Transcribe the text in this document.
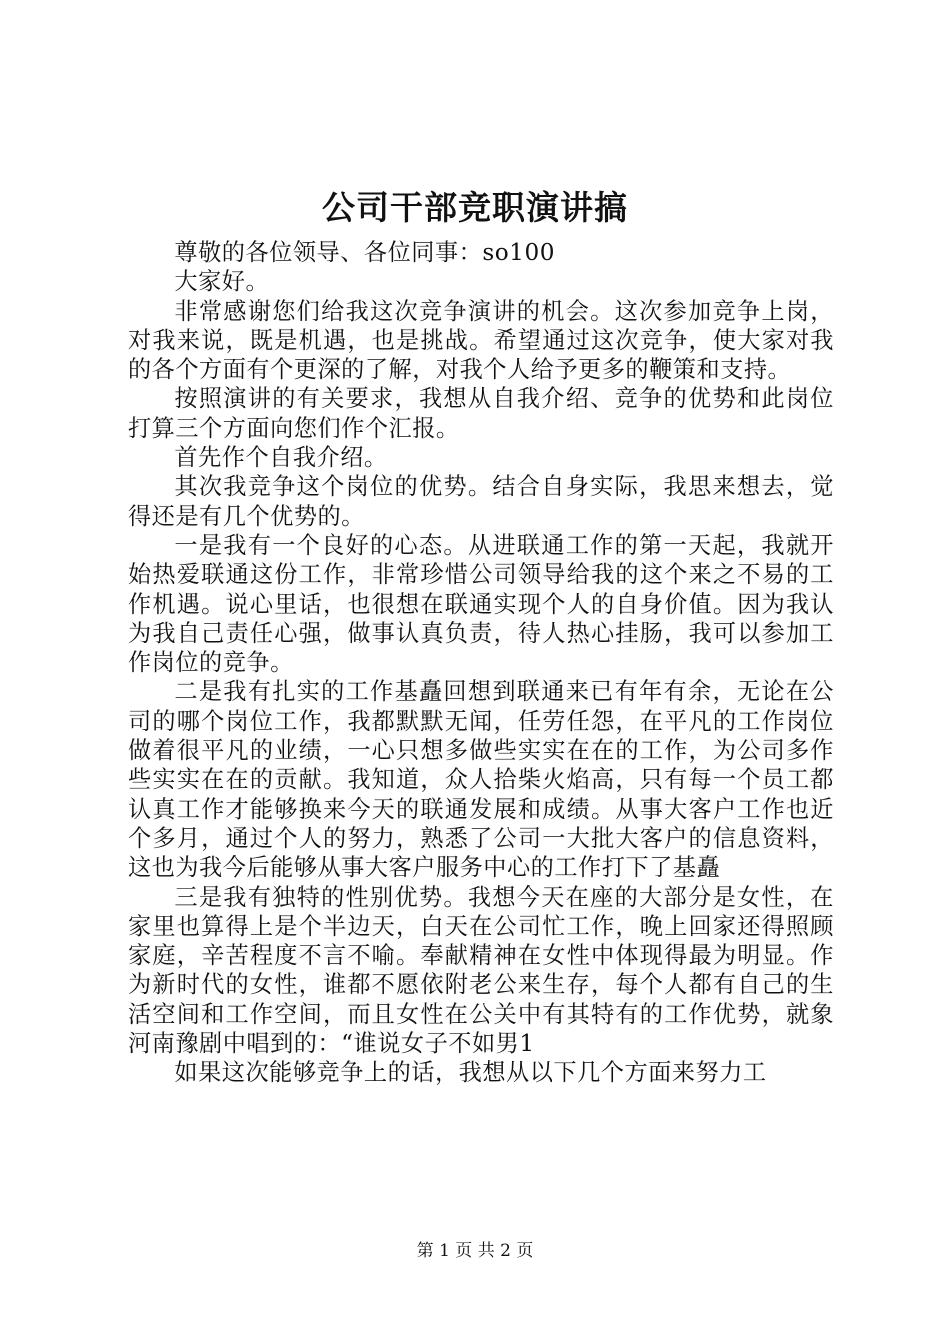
公司干部竞职演讲搞

尊敬的各位领导、各位同事：so100

大家好。

非常感谢您们给我这次竞争演讲的机会。这次参加竞争上岗，对我来说，既是机遇，也是挑战。希望通过这次竞争，使大家对我的各个方面有个更深的了解，对我个人给予更多的鞭策和支持。

按照演讲的有关要求，我想从自我介绍、竞争的优势和此岗位打算三个方面向您们作个汇报。

首先作个自我介绍。

其次我竞争这个岗位的优势。结合自身实际，我思来想去，觉得还是有几个优势的。

一是我有一个良好的心态。从进联通工作的第一天起，我就开始热爱联通这份工作，非常珍惜公司领导给我的这个来之不易的工作机遇。说心里话，也很想在联通实现个人的自身价值。因为我认为我自己责任心强，做事认真负责，待人热心挂肠，我可以参加工作岗位的竞争。

二是我有扎实的工作基矗回想到联通来已有年有余，无论在公司的哪个岗位工作，我都默默无闻，任劳任怨，在平凡的工作岗位做着很平凡的业绩，一心只想多做些实实在在的工作，为公司多作些实实在在的贡献。我知道，众人拾柴火焰高，只有每一个员工都认真工作才能够换来今天的联通发展和成绩。从事大客户工作也近个多月，通过个人的努力，熟悉了公司一大批大客户的信息资料，这也为我今后能够从事大客户服务中心的工作打下了基矗

三是我有独特的性别优势。我想今天在座的大部分是女性，在家里也算得上是个半边天，白天在公司忙工作，晚上回家还得照顾家庭，辛苦程度不言不喻。奉献精神在女性中体现得最为明显。作为新时代的女性，谁都不愿依附老公来生存，每个人都有自己的生活空间和工作空间，而且女性在公关中有其特有的工作优势，就象河南豫剧中唱到的：“谁说女子不如男1

如果这次能够竞争上的话，我想从以下几个方面来努力工

第 1 页 共 2 页
